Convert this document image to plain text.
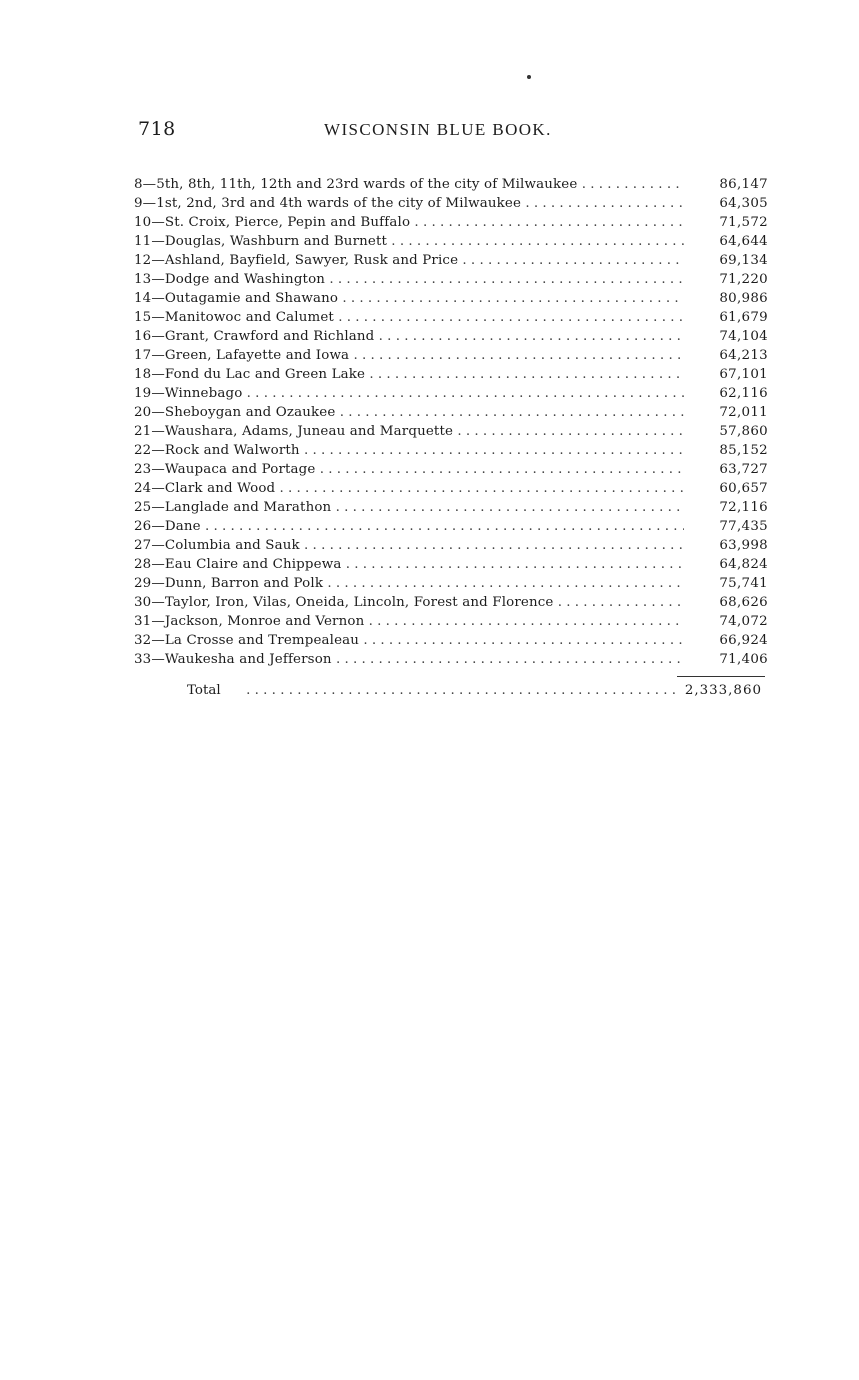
718	WISCONSIN BLUE BOOK.
8—5th, 8th, 11th, 12th and 23rd wards of the city of Milwaukee . . .	86,147
9—1st, 2nd, 3rd and 4th wards of the city of Milwaukee . . .	64,305
10—St. Croix, Pierce, Pepin and Buffalo . . .	71,572
11—Douglas, Washburn and Burnett . . .	64,644
12—Ashland, Bayfield, Sawyer, Rusk and Price . . .	69,134
13—Dodge and Washington . . .	71,220
14—Outagamie and Shawano . . .	80,986
15—Manitowoc and Calumet . . .	61,679
16—Grant, Crawford and Richland . . .	74,104
17—Green, Lafayette and Iowa . . .	64,213
18—Fond du Lac and Green Lake . . .	67,101
19—Winnebago . . .	62,116
20—Sheboygan and Ozaukee . . .	72,011
21—Waushara, Adams, Juneau and Marquette . . .	57,860
22—Rock and Walworth . . .	85,152
23—Waupaca and Portage . . .	63,727
24—Clark and Wood . . .	60,657
25—Langlade and Marathon . . .	72,116
26—Dane . . .	77,435
27—Columbia and Sauk . . .	63,998
28—Eau Claire and Chippewa . . .	64,824
29—Dunn, Barron and Polk . . .	75,741
30—Taylor, Iron, Vilas, Oneida, Lincoln, Forest and Florence . . .	68,626
31—Jackson, Monroe and Vernon . . .	74,072
32—La Crosse and Trempealeau . . .	66,924
33—Waukesha and Jefferson . . .	71,406
Total . . .	2,333,860
